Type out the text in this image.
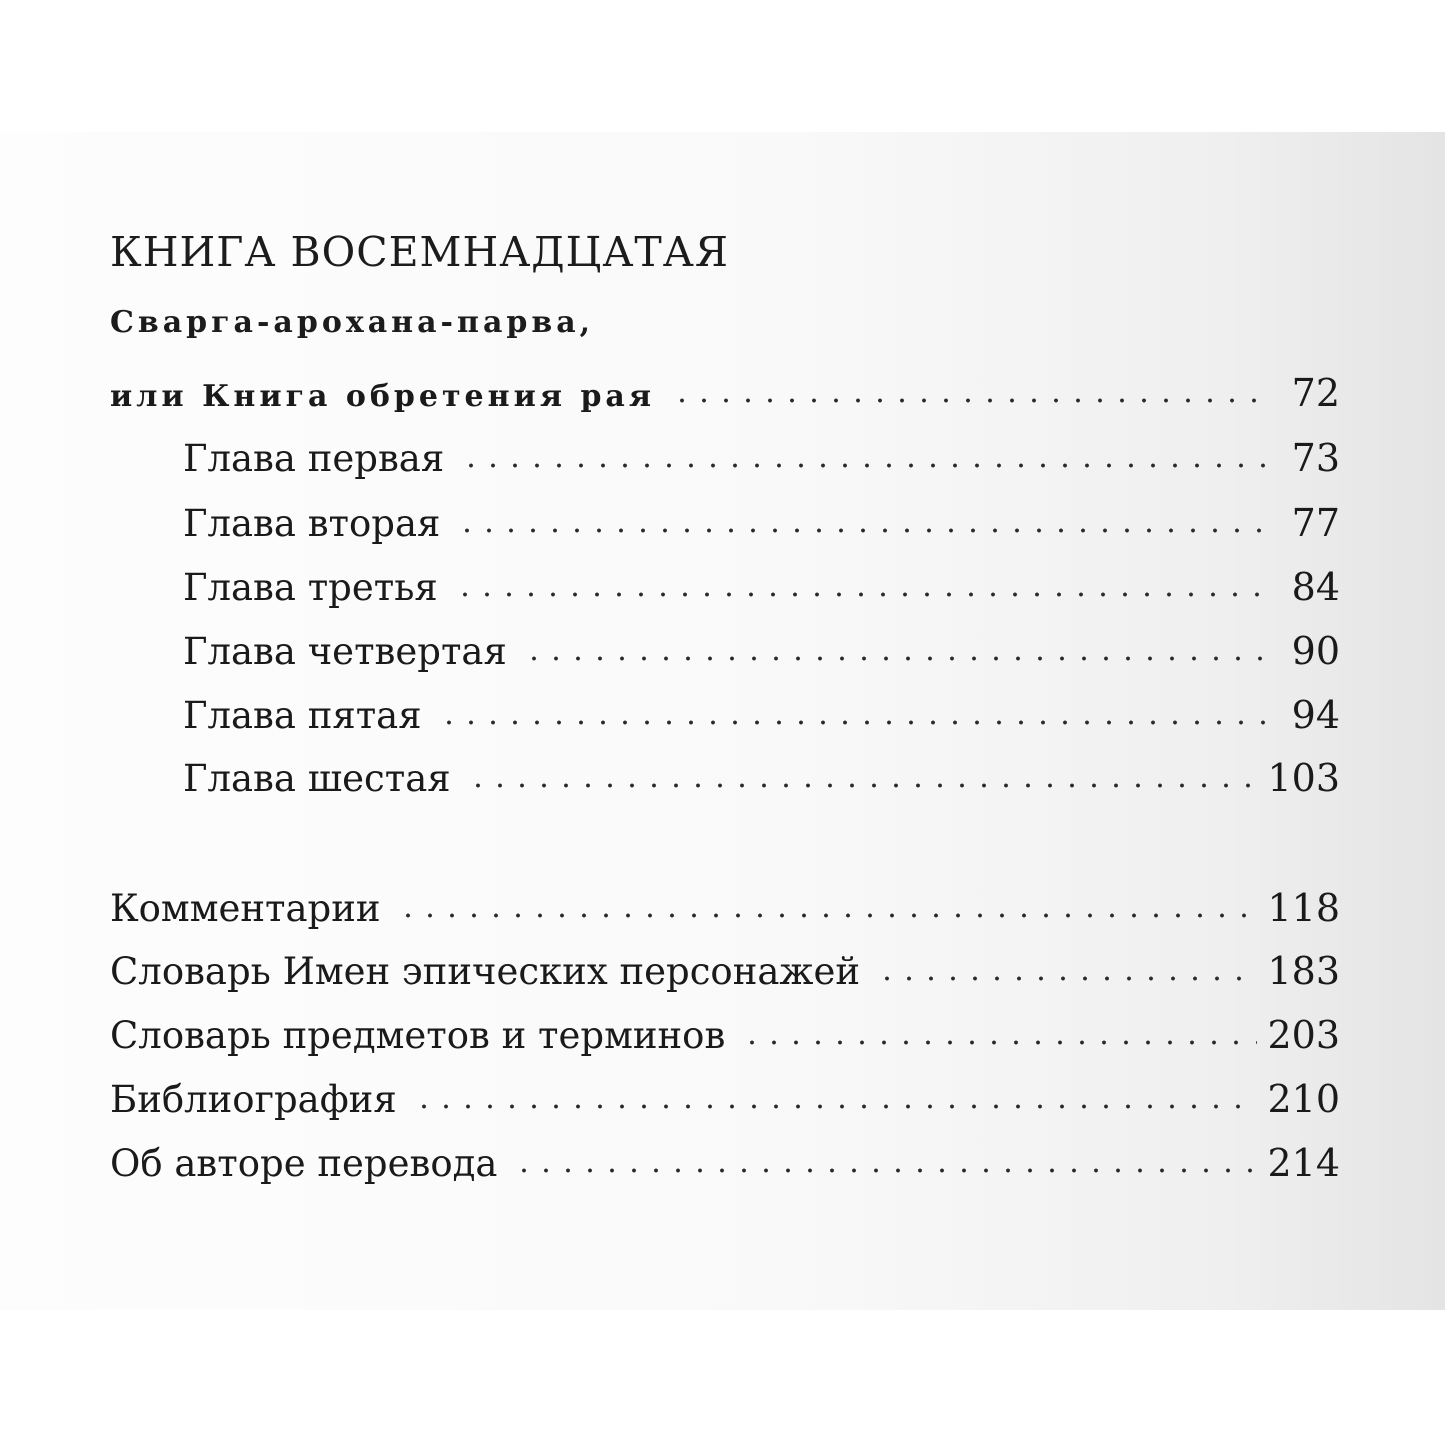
КНИГА ВОСЕМНАДЦАТАЯ
Сварга-арохана-парва,
или Книга обретения рая	72
Глава первая	73
Глава вторая	77
Глава третья	84
Глава четвертая	90
Глава пятая	94
Глава шестая	103
Комментарии	118
Словарь Имен эпических персонажей	183
Словарь предметов и терминов	203
Библиография	210
Об авторе перевода	214
